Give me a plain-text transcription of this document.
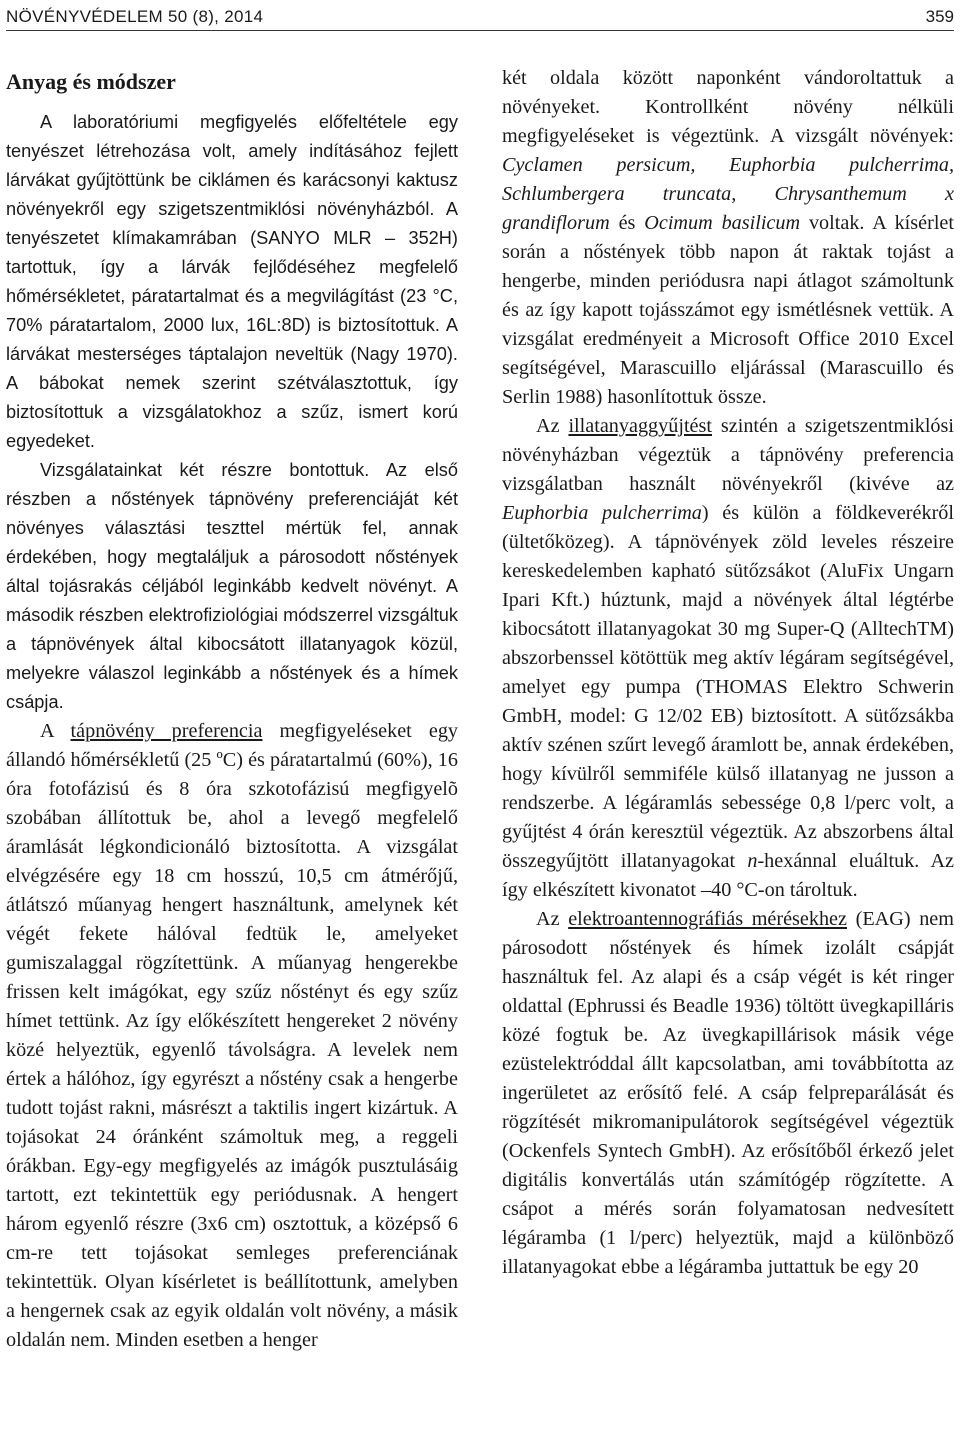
NÖVÉNYVÉDELEM 50 (8), 2014	359
Anyag és módszer

A laboratóriumi megfigyelés előfeltétele egy tenyészet létrehozása volt, amely indításához fejlett lárvákat gyűjtöttünk be ciklámen és karácsonyi kaktusz növényekről egy szigetszentmiklósi növényházból. A tenyészetet klímakamrában (SANYO MLR – 352H) tartottuk, így a lárvák fejlődéséhez megfelelő hőmérsékletet, páratartalmat és a megvilágítást (23 °C, 70% páratartalom, 2000 lux, 16L:8D) is biztosítottuk. A lárvákat mesterséges táptalajon neveltük (Nagy 1970). A bábokat nemek szerint szétválasztottuk, így biztosítottuk a vizsgálatokhoz a szűz, ismert korú egyedeket.

Vizsgálatainkat két részre bontottuk. Az első részben a nőstények tápnövény preferenciáját két növényes választási teszttel mértük fel, annak érdekében, hogy megtaláljuk a párosodott nőstények által tojásrakás céljából leginkább kedvelt növényt. A második részben elektrofiziológiai módszerrel vizsgáltuk a tápnövények által kibocsátott illatanyagok közül, melyekre válaszol leginkább a nőstények és a hímek csápja.

A tápnövény preferencia megfigyeléseket egy állandó hőmérsékletű (25 ºC) és páratartalmú (60%), 16 óra fotofázisú és 8 óra szkotofázisú megfigyelõ szobában állítottuk be, ahol a levegő megfelelő áramlását légkondicionáló biztosította. A vizsgálat elvégzésére egy 18 cm hosszú, 10,5 cm átmérőjű, átlátszó műanyag hengert használtunk, amelynek két végét fekete hálóval fedtük le, amelyeket gumiszalaggal rögzítettünk. A műanyag hengerekbe frissen kelt imágókat, egy szűz nőstényt és egy szűz hímet tettünk. Az így előkészített hengereket 2 növény közé helyeztük, egyenlő távolságra. A levelek nem értek a hálóhoz, így egyrészt a nőstény csak a hengerbe tudott tojást rakni, másrészt a taktilis ingert kizártuk. A tojásokat 24 óránként számoltuk meg, a reggeli órákban. Egy-egy megfigyelés az imágók pusztulásáig tartott, ezt tekintettük egy periódusnak. A hengert három egyenlő részre (3x6 cm) osztottuk, a középső 6 cm-re tett tojásokat semleges preferenciának tekintettük. Olyan kísérletet is beállítottunk, amelyben a hengernek csak az egyik oldalán volt növény, a másik oldalán nem. Minden esetben a henger

két oldala között naponként vándoroltattuk a növényeket. Kontrollként növény nélküli megfigyeléseket is végeztünk. A vizsgált növények: Cyclamen persicum, Euphorbia pulcherrima, Schlumbergera truncata, Chrysanthemum x grandiflorum és Ocimum basilicum voltak. A kísérlet során a nőstények több napon át raktak tojást a hengerbe, minden periódusra napi átlagot számoltunk és az így kapott tojásszámot egy ismétlésnek vettük. A vizsgálat eredményeit a Microsoft Office 2010 Excel segítségével, Marascuillo eljárással (Marascuillo és Serlin 1988) hasonlítottuk össze.

Az illatanyaggyűjtést szintén a szigetszentmiklósi növényházban végeztük a tápnövény preferencia vizsgálatban használt növényekről (kivéve az Euphorbia pulcherrima) és külön a földkeverékről (ültetőközeg). A tápnövények zöld leveles részeire kereskedelemben kapható sütőzsákot (AluFix Ungarn Ipari Kft.) húztunk, majd a növények által légtérbe kibocsátott illatanyagokat 30 mg Super-Q (AlltechTM) abszorbenssel kötöttük meg aktív légáram segítségével, amelyet egy pumpa (THOMAS Elektro Schwerin GmbH, model: G 12/02 EB) biztosított. A sütőzsákba aktív szénen szűrt levegő áramlott be, annak érdekében, hogy kívülről semmiféle külső illatanyag ne jusson a rendszerbe. A légáramlás sebessége 0,8 l/perc volt, a gyűjtést 4 órán keresztül végeztük. Az abszorbens által összegyűjtött illatanyagokat n-hexánnal eluáltuk. Az így elkészített kivonatot –40 °C-on tároltuk.

Az elektroantennográfiás mérésekhez (EAG) nem párosodott nőstények és hímek izolált csápját használtuk fel. Az alapi és a csáp végét is két ringer oldattal (Ephrussi és Beadle 1936) töltött üvegkapilláris közé fogtuk be. Az üvegkapillárisok másik vége ezüstelektróddal állt kapcsolatban, ami továbbította az ingerületet az erősítő felé. A csáp felpreparálását és rögzítését mikromanipulátorok segítségével végeztük (Ockenfels Syntech GmbH). Az erősítőből érkező jelet digitális konvertálás után számítógép rögzítette. A csápot a mérés során folyamatosan nedvesített légáramba (1 l/perc) helyeztük, majd a különböző illatanyagokat ebbe a légárambа juttattuk be egy 20
